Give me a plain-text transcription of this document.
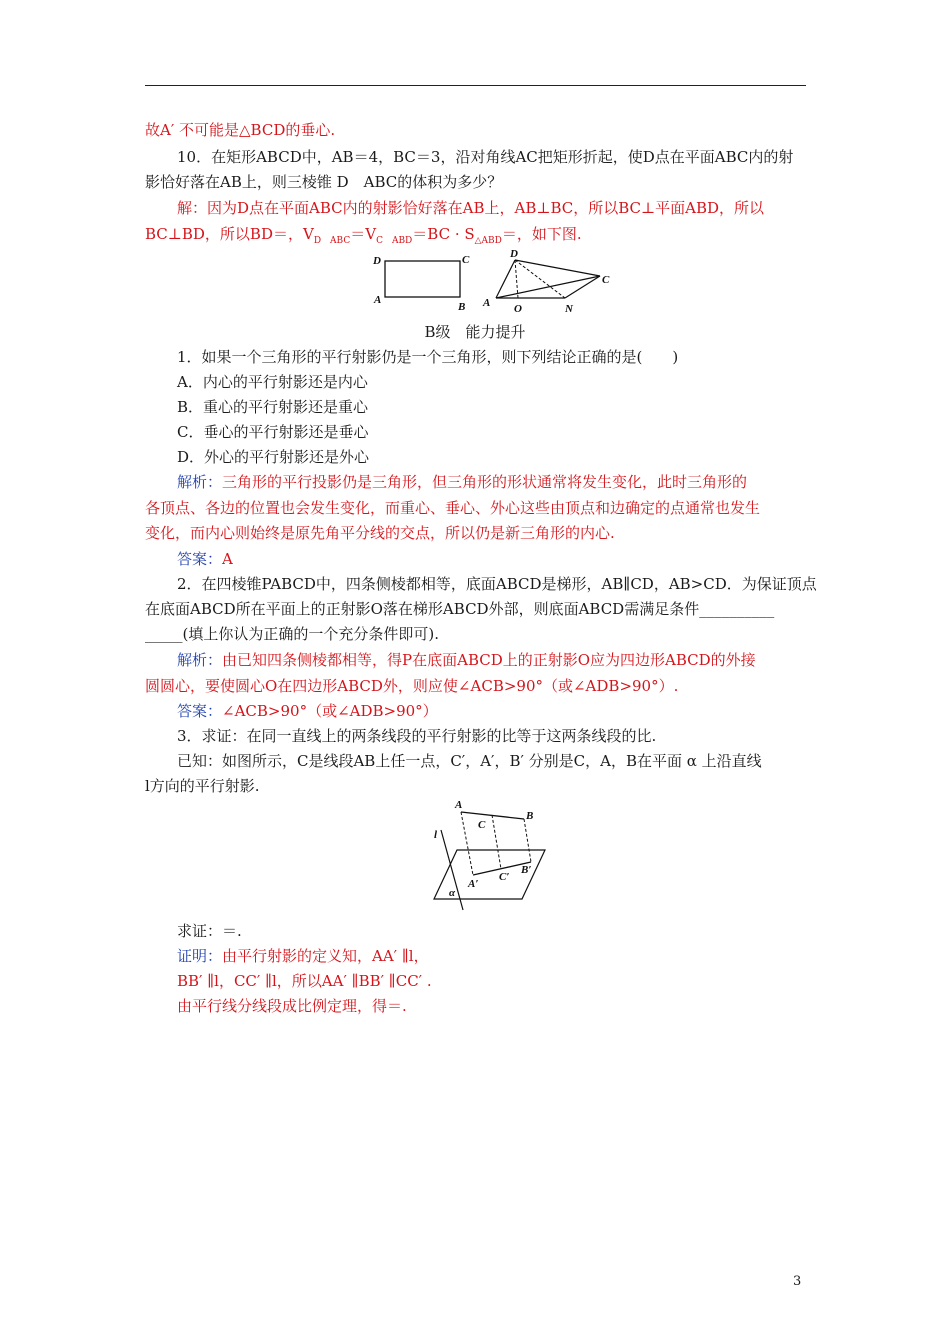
故A′ 不可能是△BCD的垂心.
10．在矩形ABCD中，AB＝4，BC＝3，沿对角线AC把矩形折起，使D点在平面ABC内的射
影恰好落在AB上，则三棱锥 D　ABC的体积为多少？
解：因为D点在平面ABC内的射影恰好落在AB上，AB⊥BC，所以BC⊥平面ABD，所以
BC⊥BD，所以BD＝，$V_{D ABC}=V_{C ABD}=BC \cdot S_{\triangle ABD}=$，如下图.
D	C
A
B
D
C
A O	N
B级　能力提升
1．如果一个三角形的平行射影仍是一个三角形，则下列结论正确的是(　　)
A．内心的平行射影还是内心
B．重心的平行射影还是重心
C．垂心的平行射影还是垂心
D．外心的平行射影还是外心
解析：三角形的平行投影仍是三角形，但三角形的形状通常将发生变化，此时三角形的
各顶点、各边的位置也会发生变化，而重心、垂心、外心这些由顶点和边确定的点通常也发生
变化，而内心则始终是原先角平分线的交点，所以仍是新三角形的内心.
答案：A
2．在四棱锥PABCD中，四条侧棱都相等，底面ABCD是梯形，AB∥CD，AB>CD．为保证顶点
在底面ABCD所在平面上的正射影O落在梯形ABCD外部，则底面ABCD需满足条件__________
_____(填上你认为正确的一个充分条件即可).
解析：由已知四条侧棱都相等，得P在底面ABCD上的正射影O应为四边形ABCD的外接
圆圆心，要使圆心O在四边形ABCD外，则应使∠ACB>90°（或∠ADB>90°）.
答案：∠ACB>90°（或∠ADB>90°）
3．求证：在同一直线上的两条线段的平行射影的比等于这两条线段的比.
已知：如图所示，C是线段AB上任一点，C′，A′，B′ 分别是C，A，B在平面 α 上沿直线
l方向的平行射影.
A
B
C
l
A′
C′
B′
α
求证：＝.
证明：由平行射影的定义知，AA′ ∥l，
BB′ ∥l，CC′ ∥l，所以AA′ ∥BB′ ∥CC′ .
由平行线分线段成比例定理，得＝.
3
